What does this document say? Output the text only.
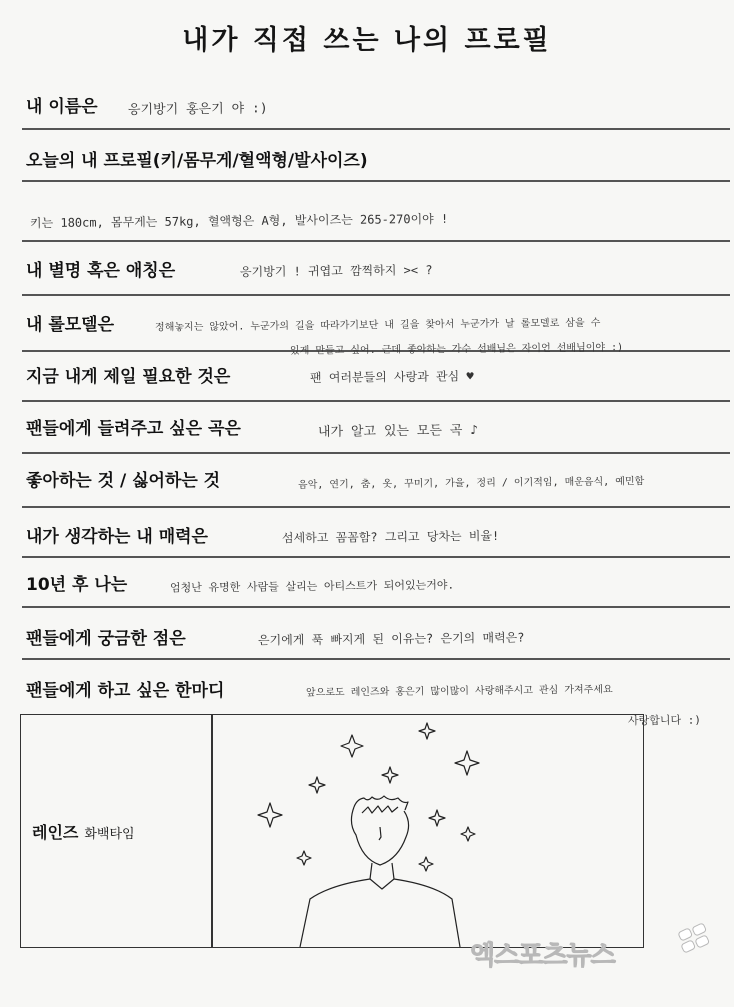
내가 직접 쓰는 나의 프로필
내 이름은 응기방기 홍은기 야 :)
오늘의 내 프로필(키/몸무게/혈액형/발사이즈)
키는 180cm, 몸무게는 57kg, 혈액형은 A형, 발사이즈는 265-270이야 !
내 별명 혹은 애칭은	응기방기 ! 귀엽고 깜찍하지 >< ?
내 롤모델은	정해놓지는 않았어. 누군가의 길을 따라가기보단 내 길을 찾아서 누군가가 날 롤모델로 삼을 수
있게 만들고 싶어. 근데 좋아하는 가수 선배님은 자이언 선배님이야 :)
지금 내게 제일 필요한 것은	팬 여러분들의 사랑과 관심 ♥
팬들에게 들려주고 싶은 곡은	내가 알고 있는 모든 곡 ♪
좋아하는 것 / 싫어하는 것	음악, 연기, 춤, 옷, 꾸미기, 가을, 정리 / 이기적임, 매운음식, 예민함
내가 생각하는 내 매력은	섬세하고 꼼꼼함? 그리고 당차는 비율!
10년 후 나는	엄청난 유명한 사람들 살리는 아티스트가 되어있는거야.
팬들에게 궁금한 점은	은기에게 푹 빠지게 된 이유는? 은기의 매력은?
팬들에게 하고 싶은 한마디	앞으로도 레인즈와 홍은기 많이많이 사랑해주시고 관심 가져주세요
사랑합니다 :)
레인즈 화백타임
엑스포츠뉴스
